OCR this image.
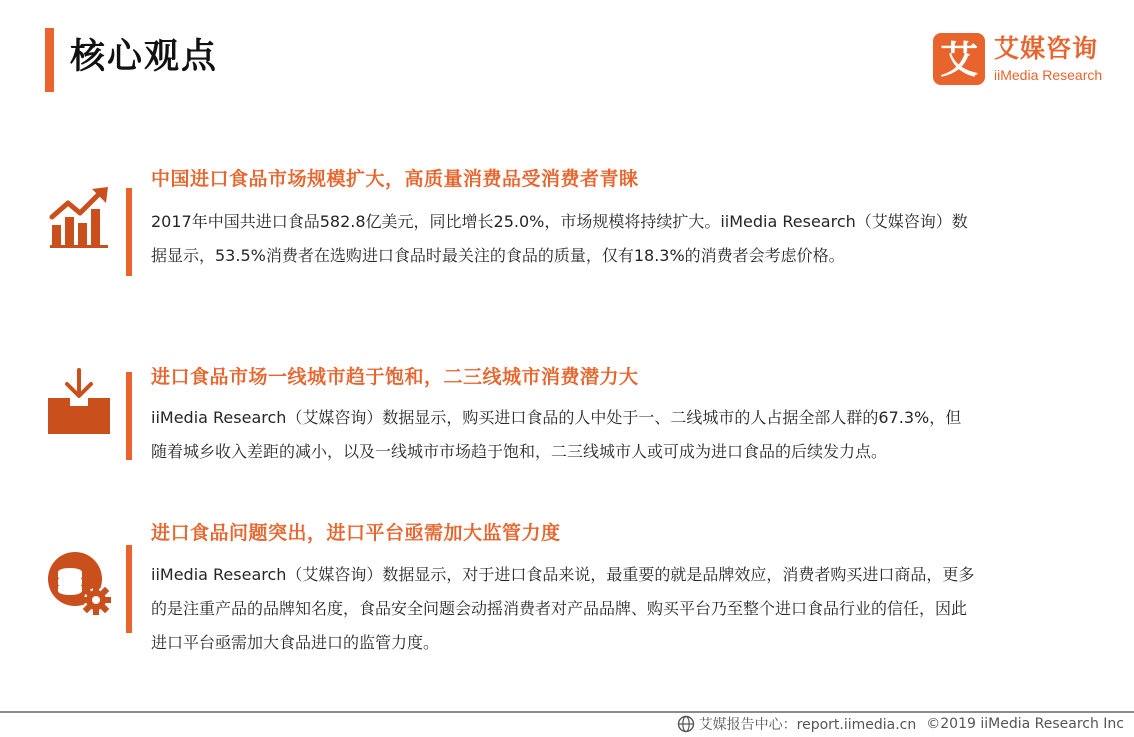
核心观点	艾 艾媒咨询
iiMedia Research
中国进口食品市场规模扩大，高质量消费品受消费者青睐
2017年中国共进口食品582.8亿美元，同比增长25.0%，市场规模将持续扩大。iiMedia Research（艾媒咨询）数
据显示，53.5%消费者在选购进口食品时最关注的食品的质量，仅有18.3%的消费者会考虑价格。
进口食品市场一线城市趋于饱和，二三线城市消费潜力大
iiMedia Research（艾媒咨询）数据显示，购买进口食品的人中处于一、二线城市的人占据全部人群的67.3%，但
随着城乡收入差距的减小，以及一线城市市场趋于饱和，二三线城市人或可成为进口食品的后续发力点。
进口食品问题突出，进口平台亟需加大监管力度
iiMedia Research（艾媒咨询）数据显示，对于进口食品来说，最重要的就是品牌效应，消费者购买进口商品，更多
的是注重产品的品牌知名度，食品安全问题会动摇消费者对产品品牌、购买平台乃至整个进口食品行业的信任，因此
进口平台亟需加大食品进口的监管力度。
艾媒报告中心：report.iimedia.cn ©2019 iiMedia Research Inc
